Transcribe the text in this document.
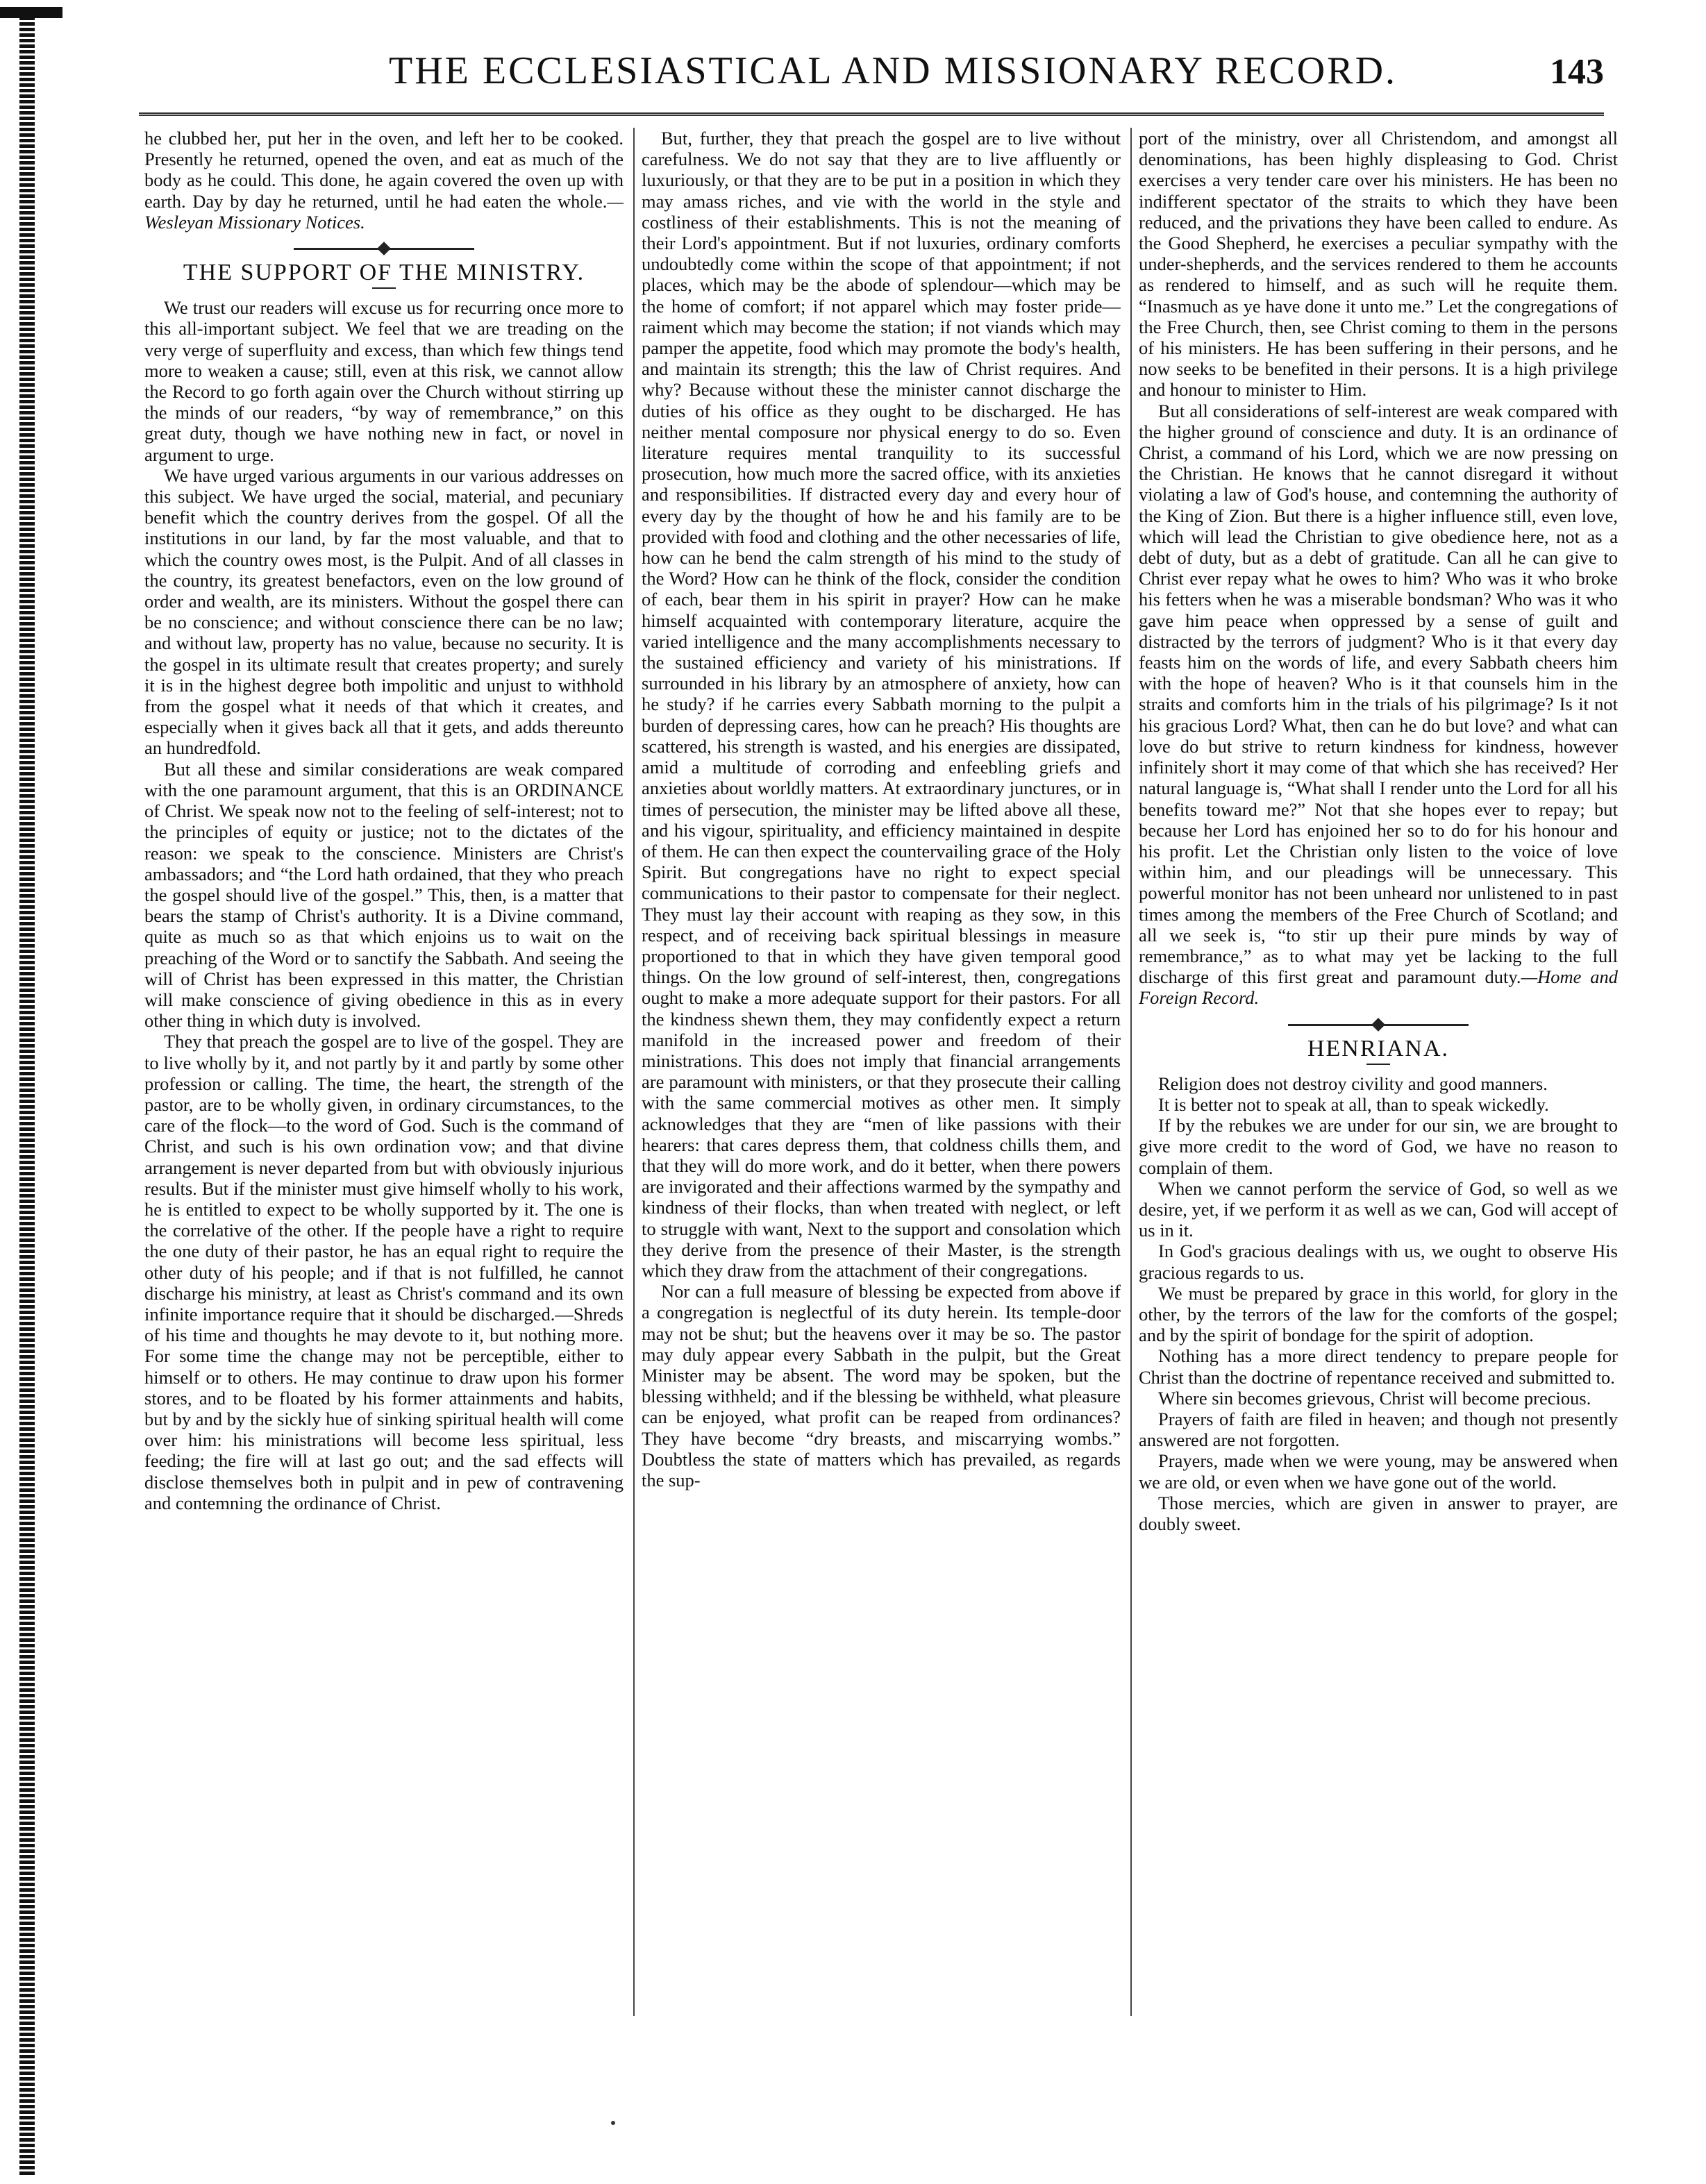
THE ECCLESIASTICAL AND MISSIONARY RECORD.	143

he clubbed her, put her in the oven, and left her to be cooked. Presently he returned, opened the oven, and eat as much of the body as he could. This done, he again covered the oven up with earth. Day by day he returned, until he had eaten the whole.—Wesleyan Missionary Notices.

THE SUPPORT OF THE MINISTRY.

We trust our readers will excuse us for recurring once more to this all-important subject. We feel that we are treading on the very verge of superfluity and excess, than which few things tend more to weaken a cause; still, even at this risk, we cannot allow the Record to go forth again over the Church without stirring up the minds of our readers, “by way of remembrance,” on this great duty, though we have nothing new in fact, or novel in argument to urge.

We have urged various arguments in our various addresses on this subject. We have urged the social, material, and pecuniary benefit which the country derives from the gospel. Of all the institutions in our land, by far the most valuable, and that to which the country owes most, is the Pulpit. And of all classes in the country, its greatest benefactors, even on the low ground of order and wealth, are its ministers. Without the gospel there can be no conscience; and without conscience there can be no law; and without law, property has no value, because no security. It is the gospel in its ultimate result that creates property; and surely it is in the highest degree both impolitic and unjust to withhold from the gospel what it needs of that which it creates, and especially when it gives back all that it gets, and adds thereunto an hundredfold.

But all these and similar considerations are weak compared with the one paramount argument, that this is an ORDINANCE of Christ. We speak now not to the feeling of self-interest; not to the principles of equity or justice; not to the dictates of the reason: we speak to the conscience. Ministers are Christ's ambassadors; and “the Lord hath ordained, that they who preach the gospel should live of the gospel.” This, then, is a matter that bears the stamp of Christ's authority. It is a Divine command, quite as much so as that which enjoins us to wait on the preaching of the Word or to sanctify the Sabbath. And seeing the will of Christ has been expressed in this matter, the Christian will make conscience of giving obedience in this as in every other thing in which duty is involved.

They that preach the gospel are to live of the gospel. They are to live wholly by it, and not partly by it and partly by some other profession or calling. The time, the heart, the strength of the pastor, are to be wholly given, in ordinary circumstances, to the care of the flock—to the word of God. Such is the command of Christ, and such is his own ordination vow; and that divine arrangement is never departed from but with obviously injurious results. But if the minister must give himself wholly to his work, he is entitled to expect to be wholly supported by it. The one is the correlative of the other. If the people have a right to require the one duty of their pastor, he has an equal right to require the other duty of his people; and if that is not fulfilled, he cannot discharge his ministry, at least as Christ's command and its own infinite importance require that it should be discharged.—Shreds of his time and thoughts he may devote to it, but nothing more. For some time the change may not be perceptible, either to himself or to others. He may continue to draw upon his former stores, and to be floated by his former attainments and habits, but by and by the sickly hue of sinking spiritual health will come over him: his ministrations will become less spiritual, less feeding; the fire will at last go out; and the sad effects will disclose themselves both in pulpit and in pew of contravening and contemning the ordinance of Christ.

But, further, they that preach the gospel are to live without carefulness. We do not say that they are to live affluently or luxuriously, or that they are to be put in a position in which they may amass riches, and vie with the world in the style and costliness of their establishments. This is not the meaning of their Lord's appointment. But if not luxuries, ordinary comforts undoubtedly come within the scope of that appointment; if not places, which may be the abode of splendour—which may be the home of comfort; if not apparel which may foster pride—raiment which may become the station; if not viands which may pamper the appetite, food which may promote the body's health, and maintain its strength; this the law of Christ requires. And why? Because without these the minister cannot discharge the duties of his office as they ought to be discharged. He has neither mental composure nor physical energy to do so. Even literature requires mental tranquility to its successful prosecution, how much more the sacred office, with its anxieties and responsibilities. If distracted every day and every hour of every day by the thought of how he and his family are to be provided with food and clothing and the other necessaries of life, how can he bend the calm strength of his mind to the study of the Word? How can he think of the flock, consider the condition of each, bear them in his spirit in prayer? How can he make himself acquainted with contemporary literature, acquire the varied intelligence and the many accomplishments necessary to the sustained efficiency and variety of his ministrations. If surrounded in his library by an atmosphere of anxiety, how can he study? if he carries every Sabbath morning to the pulpit a burden of depressing cares, how can he preach? His thoughts are scattered, his strength is wasted, and his energies are dissipated, amid a multitude of corroding and enfeebling griefs and anxieties about worldly matters. At extraordinary junctures, or in times of persecution, the minister may be lifted above all these, and his vigour, spirituality, and efficiency maintained in despite of them. He can then expect the countervailing grace of the Holy Spirit. But congregations have no right to expect special communications to their pastor to compensate for their neglect. They must lay their account with reaping as they sow, in this respect, and of receiving back spiritual blessings in measure proportioned to that in which they have given temporal good things. On the low ground of self-interest, then, congregations ought to make a more adequate support for their pastors. For all the kindness shewn them, they may confidently expect a return manifold in the increased power and freedom of their ministrations. This does not imply that financial arrangements are paramount with ministers, or that they prosecute their calling with the same commercial motives as other men. It simply acknowledges that they are “men of like passions with their hearers: that cares depress them, that coldness chills them, and that they will do more work, and do it better, when there powers are invigorated and their affections warmed by the sympathy and kindness of their flocks, than when treated with neglect, or left to struggle with want, Next to the support and consolation which they derive from the presence of their Master, is the strength which they draw from the attachment of their congregations.

Nor can a full measure of blessing be expected from above if a congregation is neglectful of its duty herein. Its temple-door may not be shut; but the heavens over it may be so. The pastor may duly appear every Sabbath in the pulpit, but the Great Minister may be absent. The word may be spoken, but the blessing withheld; and if the blessing be withheld, what pleasure can be enjoyed, what profit can be reaped from ordinances? They have become “dry breasts, and miscarrying wombs.” Doubtless the state of matters which has prevailed, as regards the sup-

port of the ministry, over all Christendom, and amongst all denominations, has been highly displeasing to God. Christ exercises a very tender care over his ministers. He has been no indifferent spectator of the straits to which they have been reduced, and the privations they have been called to endure. As the Good Shepherd, he exercises a peculiar sympathy with the under-shepherds, and the services rendered to them he accounts as rendered to himself, and as such will he requite them. “Inasmuch as ye have done it unto me.” Let the congregations of the Free Church, then, see Christ coming to them in the persons of his ministers. He has been suffering in their persons, and he now seeks to be benefited in their persons. It is a high privilege and honour to minister to Him.

But all considerations of self-interest are weak compared with the higher ground of conscience and duty. It is an ordinance of Christ, a command of his Lord, which we are now pressing on the Christian. He knows that he cannot disregard it without violating a law of God's house, and contemning the authority of the King of Zion. But there is a higher influence still, even love, which will lead the Christian to give obedience here, not as a debt of duty, but as a debt of gratitude. Can all he can give to Christ ever repay what he owes to him? Who was it who broke his fetters when he was a miserable bondsman? Who was it who gave him peace when oppressed by a sense of guilt and distracted by the terrors of judgment? Who is it that every day feasts him on the words of life, and every Sabbath cheers him with the hope of heaven? Who is it that counsels him in the straits and comforts him in the trials of his pilgrimage? Is it not his gracious Lord? What, then can he do but love? and what can love do but strive to return kindness for kindness, however infinitely short it may come of that which she has received? Her natural language is, “What shall I render unto the Lord for all his benefits toward me?” Not that she hopes ever to repay; but because her Lord has enjoined her so to do for his honour and his profit. Let the Christian only listen to the voice of love within him, and our pleadings will be unnecessary. This powerful monitor has not been unheard nor unlistened to in past times among the members of the Free Church of Scotland; and all we seek is, “to stir up their pure minds by way of remembrance,” as to what may yet be lacking to the full discharge of this first great and paramount duty.—Home and Foreign Record.

HENRIANA.

Religion does not destroy civility and good manners.

It is better not to speak at all, than to speak wickedly.

If by the rebukes we are under for our sin, we are brought to give more credit to the word of God, we have no reason to complain of them.

When we cannot perform the service of God, so well as we desire, yet, if we perform it as well as we can, God will accept of us in it.

In God's gracious dealings with us, we ought to observe His gracious regards to us.

We must be prepared by grace in this world, for glory in the other, by the terrors of the law for the comforts of the gospel; and by the spirit of bondage for the spirit of adoption.

Nothing has a more direct tendency to prepare people for Christ than the doctrine of repentance received and submitted to.

Where sin becomes grievous, Christ will become precious.

Prayers of faith are filed in heaven; and though not presently answered are not forgotten.

Prayers, made when we were young, may be answered when we are old, or even when we have gone out of the world.

Those mercies, which are given in answer to prayer, are doubly sweet.
